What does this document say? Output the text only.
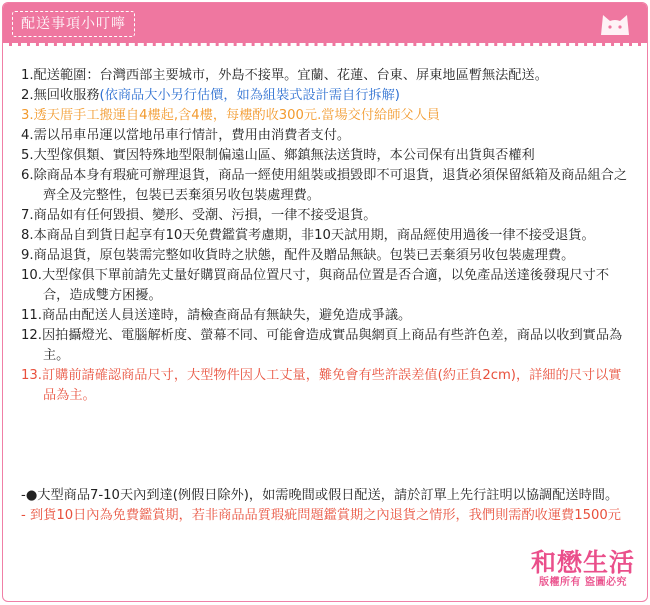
配送事項小叮嚀
1.配送範圍：台灣西部主要城市，外島不接單。宜蘭、花蓮、台東、屏東地區暫無法配送。
2.無回收服務(依商品大小另行估價，如為組裝式設計需自行拆解)
3.透天厝手工搬運自4樓起,含4樓，每樓酌收300元.當場交付給師父人員
4.需以吊車吊運以當地吊車行情計，費用由消費者支付。
5.大型傢俱類、實因特殊地型限制偏遠山區、鄉鎮無法送貨時，本公司保有出貨與否權利
6.除商品本身有瑕疵可辦理退貨，商品一經使用組裝或損毀即不可退貨，退貨必須保留紙箱及商品組合之齊全及完整性，包裝已丟棄須另收包裝處理費。
7.商品如有任何毀損、變形、受潮、污損，一律不接受退貨。
8.本商品自到貨日起享有10天免費鑑賞考慮期，非10天試用期，商品經使用過後一律不接受退貨。
9.商品退貨，原包裝需完整如收貨時之狀態，配件及贈品無缺。包裝已丟棄須另收包裝處理費。
10.大型傢俱下單前請先丈量好購買商品位置尺寸，與商品位置是否合適，以免產品送達後發現尺寸不合，造成雙方困擾。
11.商品由配送人員送達時，請檢查商品有無缺失，避免造成爭議。
12.因拍攝燈光、電腦解析度、螢幕不同、可能會造成實品與網頁上商品有些許色差，商品以收到實品為主。
13.訂購前請確認商品尺寸，大型物件因人工丈量，難免會有些許誤差值(約正負2cm)，詳細的尺寸以實品為主。
-●大型商品7-10天內到達(例假日除外)，如需晚間或假日配送，請於訂單上先行註明以協調配送時間。
- 到貨10日內為免費鑑賞期，若非商品品質瑕疵問題鑑賞期之內退貨之情形，我們則需酌收運費1500元
和懋生活
版權所有 盜圖必究
